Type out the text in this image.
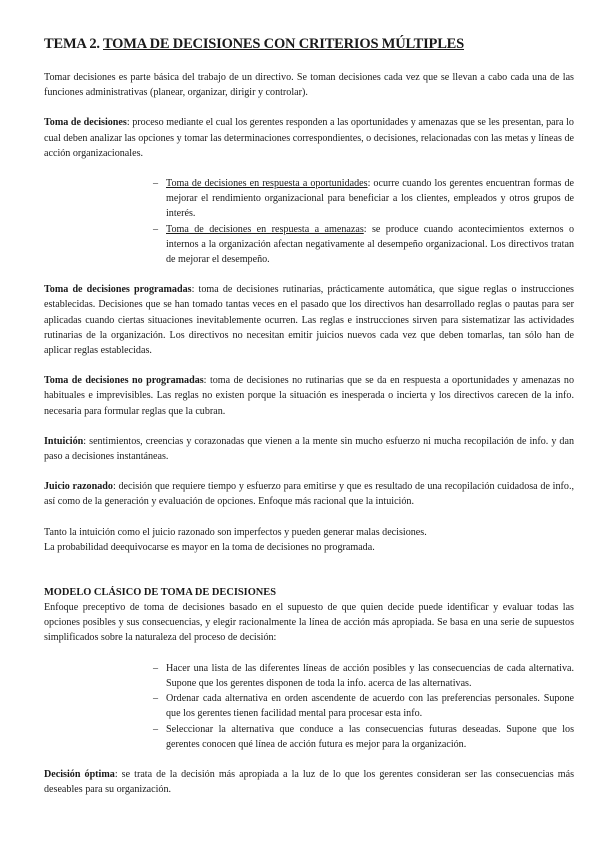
TEMA 2. TOMA DE DECISIONES CON CRITERIOS MÚLTIPLES

Tomar decisiones es parte básica del trabajo de un directivo. Se toman decisiones cada vez que se llevan a cabo cada una de las funciones administrativas (planear, organizar, dirigir y controlar).

Toma de decisiones: proceso mediante el cual los gerentes responden a las oportunidades y amenazas que se les presentan, para lo cual deben analizar las opciones y tomar las determinaciones correspondientes, o decisiones, relacionadas con las metas y líneas de acción organizacionales.

– Toma de decisiones en respuesta a oportunidades: ocurre cuando los gerentes encuentran formas de mejorar el rendimiento organizacional para beneficiar a los clientes, empleados y otros grupos de interés.
– Toma de decisiones en respuesta a amenazas: se produce cuando acontecimientos externos o internos a la organización afectan negativamente al desempeño organizacional. Los directivos tratan de mejorar el desempeño.

Toma de decisiones programadas: toma de decisiones rutinarias, prácticamente automática, que sigue reglas o instrucciones establecidas. Decisiones que se han tomado tantas veces en el pasado que los directivos han desarrollado reglas o pautas para ser aplicadas cuando ciertas situaciones inevitablemente ocurren. Las reglas e instrucciones sirven para sistematizar las actividades rutinarias de la organización. Los directivos no necesitan emitir juicios nuevos cada vez que deben tomarlas, tan sólo han de aplicar reglas establecidas.

Toma de decisiones no programadas: toma de decisiones no rutinarias que se da en respuesta a oportunidades y amenazas no habituales e imprevisibles. Las reglas no existen porque la situación es inesperada o incierta y los directivos carecen de la info. necesaria para formular reglas que la cubran.

Intuición: sentimientos, creencias y corazonadas que vienen a la mente sin mucho esfuerzo ni mucha recopilación de info. y dan paso a decisiones instantáneas.

Juicio razonado: decisión que requiere tiempo y esfuerzo para emitirse y que es resultado de una recopilación cuidadosa de info., así como de la generación y evaluación de opciones. Enfoque más racional que la intuición.

Tanto la intuición como el juicio razonado son imperfectos y pueden generar malas decisiones.

La probabilidad deequivocarse es mayor en la toma de decisiones no programada.

MODELO CLÁSICO DE TOMA DE DECISIONES

Enfoque preceptivo de toma de decisiones basado en el supuesto de que quien decide puede identificar y evaluar todas las opciones posibles y sus consecuencias, y elegir racionalmente la línea de acción más apropiada. Se basa en una serie de supuestos simplificados sobre la naturaleza del proceso de decisión:

– Hacer una lista de las diferentes líneas de acción posibles y las consecuencias de cada alternativa. Supone que los gerentes disponen de toda la info. acerca de las alternativas.
– Ordenar cada alternativa en orden ascendente de acuerdo con las preferencias personales. Supone que los gerentes tienen facilidad mental para procesar esta info.
– Seleccionar la alternativa que conduce a las consecuencias futuras deseadas. Supone que los gerentes conocen qué línea de acción futura es mejor para la organización.

Decisión óptima: se trata de la decisión más apropiada a la luz de lo que los gerentes consideran ser las consecuencias más deseables para su organización.
